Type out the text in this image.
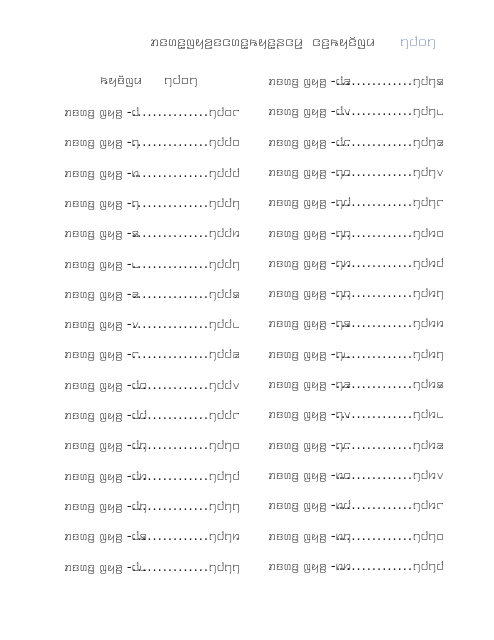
ꤊꤢꤛꤢ꤭ꤜꤟꤤ꤬ꤢꤍꤛꤢ꤭ꤒꤟꤢ꤭ꤔꤍꤣ꤬ ꤍꤢ꤬ꤒꤟꤢꤩꤜꤣ ꤄꤇꤀꤄
ꤒꤟꤢꤩꤜꤣ ꤄꤇꤀꤄
ꤊꤢꤛꤢ꤭ ꤜꤟꤤ꤬ -꤇
............... ꤄꤇꤀꤅
ꤊꤢꤛꤢ꤭ ꤜꤟꤤ꤬ -꤄
............... ꤄꤇꤇꤀
ꤊꤢꤛꤢ꤭ ꤜꤟꤤ꤬ -꤆
............... ꤄꤇꤇꤇
ꤊꤢꤛꤢ꤭ ꤜꤟꤤ꤬ -꤄
............... ꤄꤇꤇꤄
ꤊꤢꤛꤢ꤭ ꤜꤟꤤ꤬ -꤃
............... ꤄꤇꤇꤆
ꤊꤢꤛꤢ꤭ ꤜꤟꤤ꤬ -꤈
............... ꤄꤇꤇꤄
ꤊꤢꤛꤢ꤭ ꤜꤟꤤ꤬ -꤁
............... ꤄꤇꤇꤃
ꤊꤢꤛꤢ꤭ ꤜꤟꤤ꤬ -꤂
............... ꤄꤇꤇꤈
ꤊꤢꤛꤢ꤭ ꤜꤟꤤ꤬ -꤅
............... ꤄꤇꤇꤁
ꤊꤢꤛꤢ꤭ ꤜꤟꤤ꤬ -꤇꤀
............... ꤄꤇꤇꤂
ꤊꤢꤛꤢ꤭ ꤜꤟꤤ꤬ -꤇꤇
............... ꤄꤇꤇꤅
ꤊꤢꤛꤢ꤭ ꤜꤟꤤ꤬ -꤇꤄
............... ꤄꤇꤄꤀
ꤊꤢꤛꤢ꤭ ꤜꤟꤤ꤬ -꤇꤆
............... ꤄꤇꤄꤇
ꤊꤢꤛꤢ꤭ ꤜꤟꤤ꤬ -꤇꤄
............... ꤄꤇꤄꤄
ꤊꤢꤛꤢ꤭ ꤜꤟꤤ꤬ -꤇꤃
............... ꤄꤇꤄꤆
ꤊꤢꤛꤢ꤭ ꤜꤟꤤ꤬ -꤇꤈
............... ꤄꤇꤄꤄
ꤊꤢꤛꤢ꤭ ꤜꤟꤤ꤬ -꤇꤁
............... ꤄꤇꤄꤃
ꤊꤢꤛꤢ꤭ ꤜꤟꤤ꤬ -꤇꤂
............... ꤄꤇꤄꤈
ꤊꤢꤛꤢ꤭ ꤜꤟꤤ꤬ -꤇꤅
............... ꤄꤇꤄꤁
ꤊꤢꤛꤢ꤭ ꤜꤟꤤ꤬ -꤄꤀
............... ꤄꤇꤄꤂
ꤊꤢꤛꤢ꤭ ꤜꤟꤤ꤬ -꤄꤇
............... ꤄꤇꤄꤅
ꤊꤢꤛꤢ꤭ ꤜꤟꤤ꤬ -꤄꤄
............... ꤄꤇꤆꤀
ꤊꤢꤛꤢ꤭ ꤜꤟꤤ꤬ -꤄꤆
............... ꤄꤇꤆꤇
ꤊꤢꤛꤢ꤭ ꤜꤟꤤ꤬ -꤄꤄
............... ꤄꤇꤆꤄
ꤊꤢꤛꤢ꤭ ꤜꤟꤤ꤬ -꤄꤃
............... ꤄꤇꤆꤆
ꤊꤢꤛꤢ꤭ ꤜꤟꤤ꤬ -꤄꤈
............... ꤄꤇꤆꤄
ꤊꤢꤛꤢ꤭ ꤜꤟꤤ꤬ -꤄꤁
............... ꤄꤇꤆꤃
ꤊꤢꤛꤢ꤭ ꤜꤟꤤ꤬ -꤄꤂
............... ꤄꤇꤆꤈
ꤊꤢꤛꤢ꤭ ꤜꤟꤤ꤬ -꤄꤅
............... ꤄꤇꤆꤁
ꤊꤢꤛꤢ꤭ ꤜꤟꤤ꤬ -꤆꤀
............... ꤄꤇꤆꤂
ꤊꤢꤛꤢ꤭ ꤜꤟꤤ꤬ -꤆꤇
............... ꤄꤇꤆꤅
ꤊꤢꤛꤢ꤭ ꤜꤟꤤ꤬ -꤆꤄
............... ꤄꤇꤄꤀
ꤊꤢꤛꤢ꤭ ꤜꤟꤤ꤬ -꤆꤆
............... ꤄꤇꤄꤇
